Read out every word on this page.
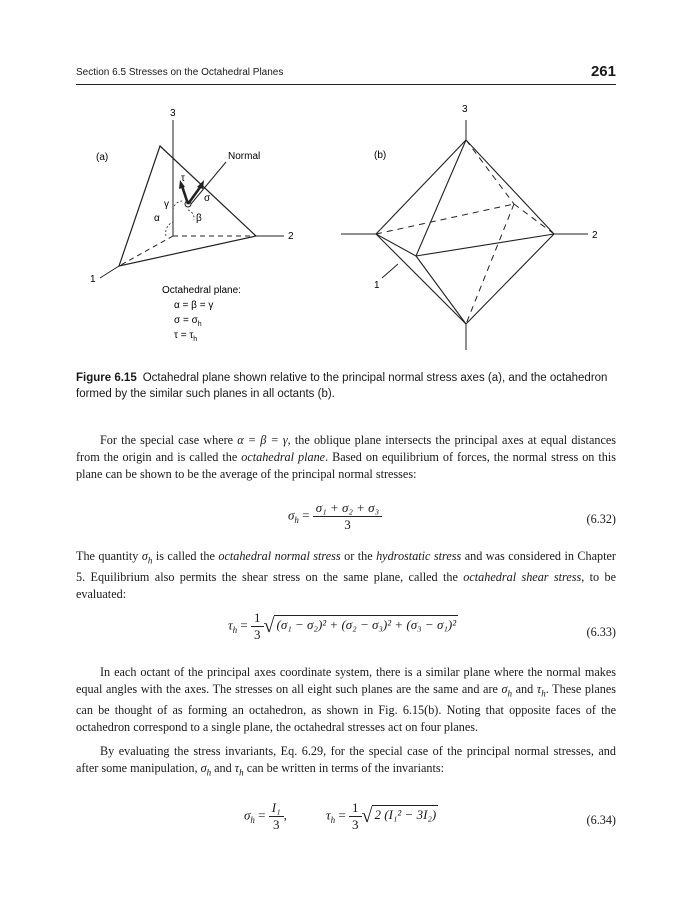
Section 6.5 Stresses on the Octahedral Planes	261
(a)
3
2
1
Normal
σ
τ
γ
α	β
Octahedral plane:
α = β = γ
$\sigma = \sigma_h$
$\tau = \tau_h$
(b)
3
2
1
Figure 6.15 Octahedral plane shown relative to the principal normal stress axes (a), and the octahedron formed by the similar such planes in all octants (b).
For the special case where α = β = γ, the oblique plane intersects the principal axes at equal distances from the origin and is called the octahedral plane. Based on equilibrium of forces, the normal stress on this plane can be shown to be the average of the principal normal stresses:
$\sigma_h = \frac{\text{σ₁ + σ₂ + σ₃}}{3}$	(6.32)
The quantity $\sigma_h$ is called the octahedral normal stress or the hydrostatic stress and was considered in Chapter 5. Equilibrium also permits the shear stress on the same plane, called the octahedral shear stress, to be evaluated:
$\tau_h = \frac{1}{3}$ √ (σ₁ − σ₂)² + (σ₂ − σ₃)² + (σ₃ − σ₁)²	(6.33)
In each octant of the principal axes coordinate system, there is a similar plane where the normal makes equal angles with the axes. The stresses on all eight such planes are the same and are $\sigma_h$ and $\tau_h$. These planes can be thought of as forming an octahedron, as shown in Fig. 6.15(b). Noting that opposite faces of the octahedron correspond to a single plane, the octahedral stresses act on four planes.
By evaluating the stress invariants, Eq. 6.29, for the special case of the principal normal stresses, and after some manipulation, $\sigma_h$ and $\tau_h$ can be written in terms of the invariants:
$\sigma_h = \frac{\text{I₁}}{3}$ ,	$\tau_h = \frac{1}{3}$ √ 2 (I₁² − 3I₂)	(6.34)
